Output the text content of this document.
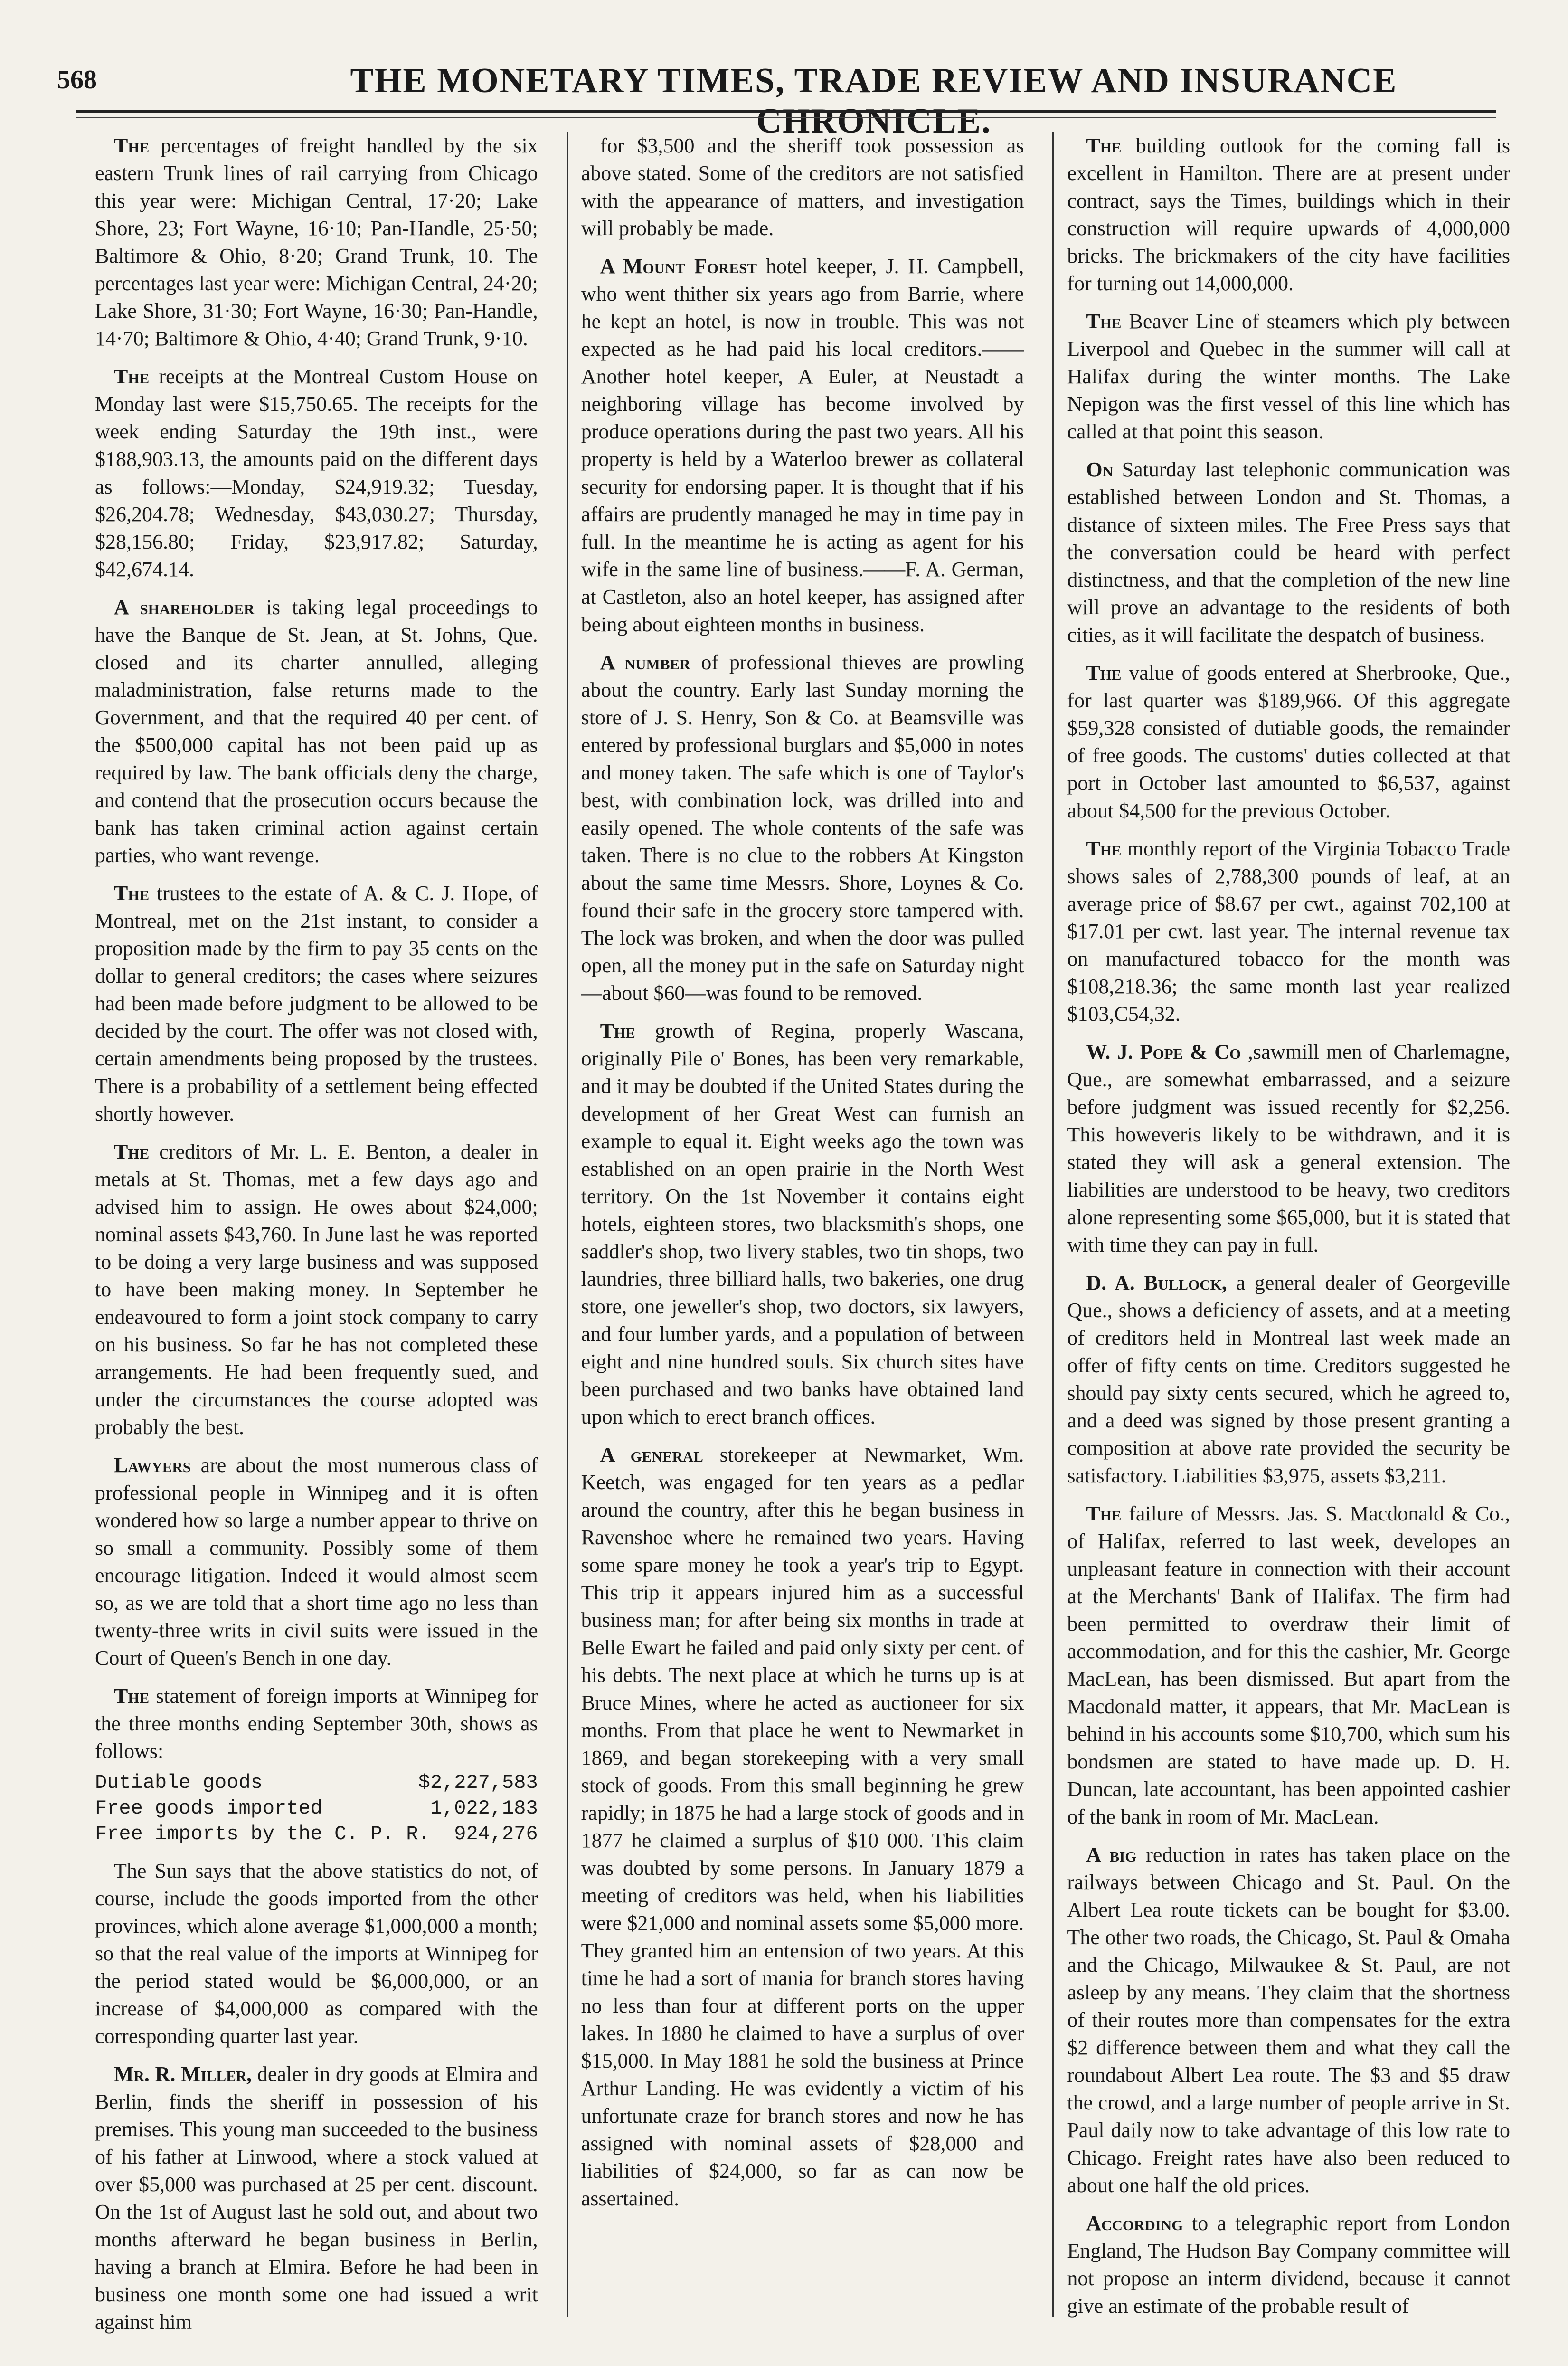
568	THE MONETARY TIMES, TRADE REVIEW AND INSURANCE CHRONICLE.

The percentages of freight handled by the six eastern Trunk lines of rail carrying from Chicago this year were: Michigan Central, 17·20; Lake Shore, 23; Fort Wayne, 16·10; Pan-Handle, 25·50; Baltimore & Ohio, 8·20; Grand Trunk, 10. The percentages last year were: Michigan Central, 24·20; Lake Shore, 31·30; Fort Wayne, 16·30; Pan-Handle, 14·70; Baltimore & Ohio, 4·40; Grand Trunk, 9·10.

The receipts at the Montreal Custom House on Monday last were $15,750.65. The receipts for the week ending Saturday the 19th inst., were $188,903.13, the amounts paid on the different days as follows:—Monday, $24,919.32; Tuesday, $26,204.78; Wednesday, $43,030.27; Thursday, $28,156.80; Friday, $23,917.82; Saturday, $42,674.14.

A shareholder is taking legal proceedings to have the Banque de St. Jean, at St. Johns, Que. closed and its charter annulled, alleging maladministration, false returns made to the Government, and that the required 40 per cent. of the $500,000 capital has not been paid up as required by law. The bank officials deny the charge, and contend that the prosecution occurs because the bank has taken criminal action against certain parties, who want revenge.

The trustees to the estate of A. & C. J. Hope, of Montreal, met on the 21st instant, to consider a proposition made by the firm to pay 35 cents on the dollar to general creditors; the cases where seizures had been made before judgment to be allowed to be decided by the court. The offer was not closed with, certain amendments being proposed by the trustees. There is a probability of a settlement being effected shortly however.

The creditors of Mr. L. E. Benton, a dealer in metals at St. Thomas, met a few days ago and advised him to assign. He owes about $24,000; nominal assets $43,760. In June last he was reported to be doing a very large business and was supposed to have been making money. In September he endeavoured to form a joint stock company to carry on his business. So far he has not completed these arrangements. He had been frequently sued, and under the circumstances the course adopted was probably the best.

Lawyers are about the most numerous class of professional people in Winnipeg and it is often wondered how so large a number appear to thrive on so small a community. Possibly some of them encourage litigation. Indeed it would almost seem so, as we are told that a short time ago no less than twenty-three writs in civil suits were issued in the Court of Queen's Bench in one day.

The statement of foreign imports at Winnipeg for the three months ending September 30th, shows as follows:

Dutiable goods	$2,227,583
Free goods imported	1,022,183
Free imports by the C. P. R. 924,276

The Sun says that the above statistics do not, of course, include the goods imported from the other provinces, which alone average $1,000,000 a month; so that the real value of the imports at Winnipeg for the period stated would be $6,000,000, or an increase of $4,000,000 as compared with the corresponding quarter last year.

Mr. R. Miller, dealer in dry goods at Elmira and Berlin, finds the sheriff in possession of his premises. This young man succeeded to the business of his father at Linwood, where a stock valued at over $5,000 was purchased at 25 per cent. discount. On the 1st of August last he sold out, and about two months afterward he began business in Berlin, having a branch at Elmira. Before he had been in business one month some one had issued a writ against him

for $3,500 and the sheriff took possession as above stated. Some of the creditors are not satisfied with the appearance of matters, and investigation will probably be made.

A Mount Forest hotel keeper, J. H. Campbell, who went thither six years ago from Barrie, where he kept an hotel, is now in trouble. This was not expected as he had paid his local creditors.——Another hotel keeper, A Euler, at Neustadt a neighboring village has become involved by produce operations during the past two years. All his property is held by a Waterloo brewer as collateral security for endorsing paper. It is thought that if his affairs are prudently managed he may in time pay in full. In the meantime he is acting as agent for his wife in the same line of business.——F. A. German, at Castleton, also an hotel keeper, has assigned after being about eighteen months in business.

A number of professional thieves are prowling about the country. Early last Sunday morning the store of J. S. Henry, Son & Co. at Beamsville was entered by professional burglars and $5,000 in notes and money taken. The safe which is one of Taylor's best, with combination lock, was drilled into and easily opened. The whole contents of the safe was taken. There is no clue to the robbers At Kingston about the same time Messrs. Shore, Loynes & Co. found their safe in the grocery store tampered with. The lock was broken, and when the door was pulled open, all the money put in the safe on Saturday night—about $60—was found to be removed.

The growth of Regina, properly Wascana, originally Pile o' Bones, has been very remarkable, and it may be doubted if the United States during the development of her Great West can furnish an example to equal it. Eight weeks ago the town was established on an open prairie in the North West territory. On the 1st November it contains eight hotels, eighteen stores, two blacksmith's shops, one saddler's shop, two livery stables, two tin shops, two laundries, three billiard halls, two bakeries, one drug store, one jeweller's shop, two doctors, six lawyers, and four lumber yards, and a population of between eight and nine hundred souls. Six church sites have been purchased and two banks have obtained land upon which to erect branch offices.

A general storekeeper at Newmarket, Wm. Keetch, was engaged for ten years as a pedlar around the country, after this he began business in Ravenshoe where he remained two years. Having some spare money he took a year's trip to Egypt. This trip it appears injured him as a successful business man; for after being six months in trade at Belle Ewart he failed and paid only sixty per cent. of his debts. The next place at which he turns up is at Bruce Mines, where he acted as auctioneer for six months. From that place he went to Newmarket in 1869, and began storekeeping with a very small stock of goods. From this small beginning he grew rapidly; in 1875 he had a large stock of goods and in 1877 he claimed a surplus of $10 000. This claim was doubted by some persons. In January 1879 a meeting of creditors was held, when his liabilities were $21,000 and nominal assets some $5,000 more. They granted him an entension of two years. At this time he had a sort of mania for branch stores having no less than four at different ports on the upper lakes. In 1880 he claimed to have a surplus of over $15,000. In May 1881 he sold the business at Prince Arthur Landing. He was evidently a victim of his unfortunate craze for branch stores and now he has assigned with nominal assets of $28,000 and liabilities of $24,000, so far as can now be assertained.

The building outlook for the coming fall is excellent in Hamilton. There are at present under contract, says the Times, buildings which in their construction will require upwards of 4,000,000 bricks. The brickmakers of the city have facilities for turning out 14,000,000.

The Beaver Line of steamers which ply between Liverpool and Quebec in the summer will call at Halifax during the winter months. The Lake Nepigon was the first vessel of this line which has called at that point this season.

On Saturday last telephonic communication was established between London and St. Thomas, a distance of sixteen miles. The Free Press says that the conversation could be heard with perfect distinctness, and that the completion of the new line will prove an advantage to the residents of both cities, as it will facilitate the despatch of business.

The value of goods entered at Sherbrooke, Que., for last quarter was $189,966. Of this aggregate $59,328 consisted of dutiable goods, the remainder of free goods. The customs' duties collected at that port in October last amounted to $6,537, against about $4,500 for the previous October.

The monthly report of the Virginia Tobacco Trade shows sales of 2,788,300 pounds of leaf, at an average price of $8.67 per cwt., against 702,100 at $17.01 per cwt. last year. The internal revenue tax on manufactured tobacco for the month was $108,218.36; the same month last year realized $103,C54,32.

W. J. Pope & Co ,sawmill men of Charlemagne, Que., are somewhat embarrassed, and a seizure before judgment was issued recently for $2,256. This howeveris likely to be withdrawn, and it is stated they will ask a general extension. The liabilities are understood to be heavy, two creditors alone representing some $65,000, but it is stated that with time they can pay in full.

D. A. Bullock, a general dealer of Georgeville Que., shows a deficiency of assets, and at a meeting of creditors held in Montreal last week made an offer of fifty cents on time. Creditors suggested he should pay sixty cents secured, which he agreed to, and a deed was signed by those present granting a composition at above rate provided the security be satisfactory. Liabilities $3,975, assets $3,211.

The failure of Messrs. Jas. S. Macdonald & Co., of Halifax, referred to last week, developes an unpleasant feature in connection with their account at the Merchants' Bank of Halifax. The firm had been permitted to overdraw their limit of accommodation, and for this the cashier, Mr. George MacLean, has been dismissed. But apart from the Macdonald matter, it appears, that Mr. MacLean is behind in his accounts some $10,700, which sum his bondsmen are stated to have made up. D. H. Duncan, late accountant, has been appointed cashier of the bank in room of Mr. MacLean.

A big reduction in rates has taken place on the railways between Chicago and St. Paul. On the Albert Lea route tickets can be bought for $3.00. The other two roads, the Chicago, St. Paul & Omaha and the Chicago, Milwaukee & St. Paul, are not asleep by any means. They claim that the shortness of their routes more than compensates for the extra $2 difference between them and what they call the roundabout Albert Lea route. The $3 and $5 draw the crowd, and a large number of people arrive in St. Paul daily now to take advantage of this low rate to Chicago. Freight rates have also been reduced to about one half the old prices.

According to a telegraphic report from London England, The Hudson Bay Company committee will not propose an interm dividend, because it cannot give an estimate of the probable result of
